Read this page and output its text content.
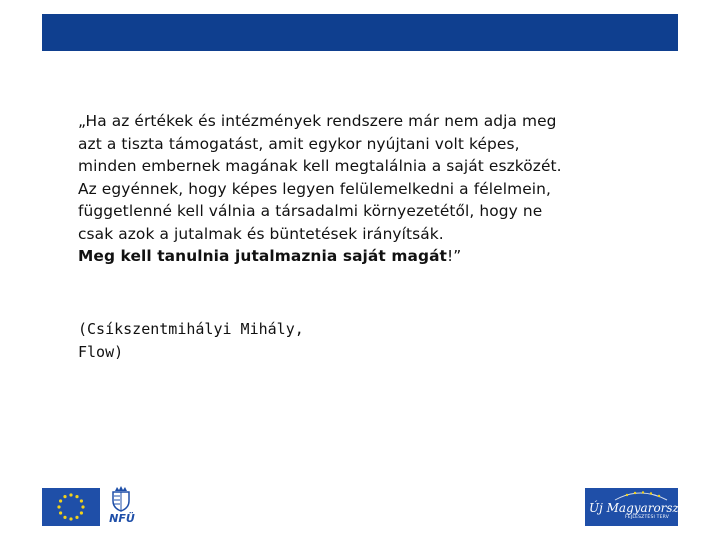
„Ha az értékek és intézmények rendszere már nem adja meg
azt a tiszta támogatást, amit egykor nyújtani volt képes,
minden embernek magának kell megtalálnia a saját eszközét.
Az egyénnek, hogy képes legyen felülemelkedni a félelmein,
függetlenné kell válnia a társadalmi környezetétől, hogy ne
csak azok a jutalmak és büntetések irányítsák.
Meg kell tanulnia jutalmaznia saját magát!”
(Csíkszentmihályi Mihály,
Flow)
NFÜ
Új Magyarország
FEJLESZTÉSI TERV
